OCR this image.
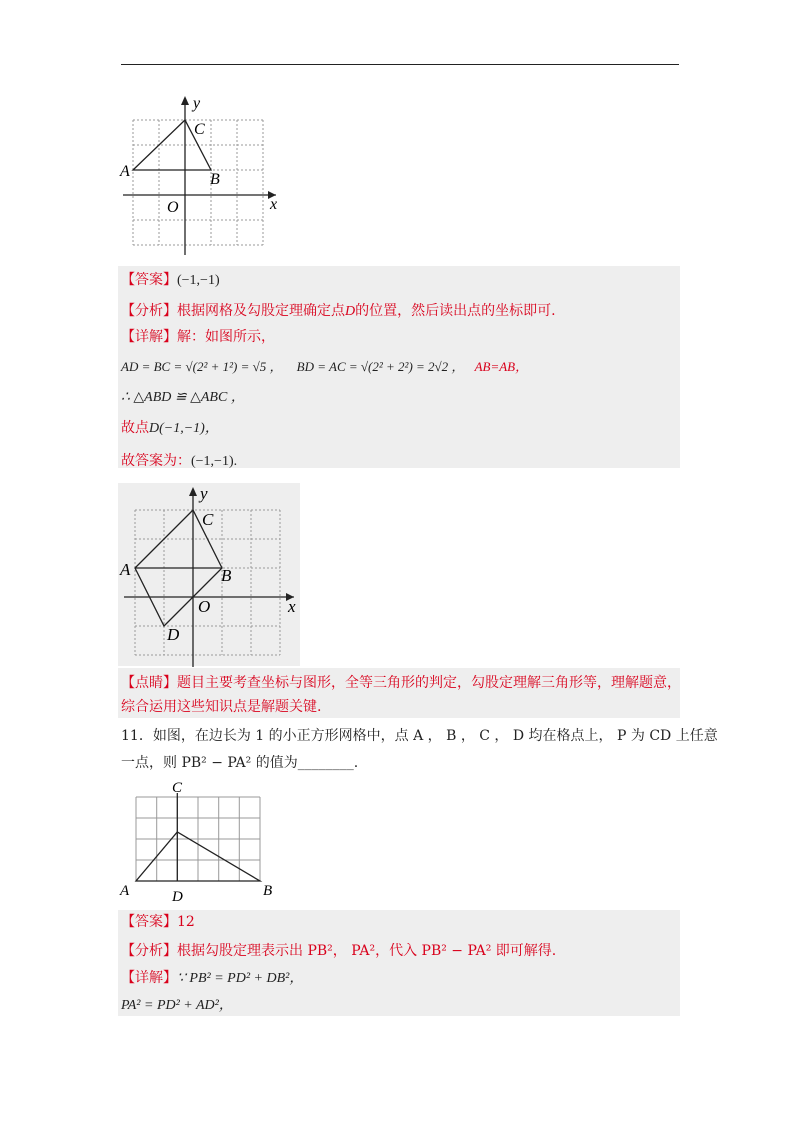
y
x
C
A	B
O
【答案】(−1,−1)
【分析】根据网格及勾股定理确定点D的位置，然后读出点的坐标即可.
【详解】解：如图所示，
AD = BC = √(2² + 1²) = √5 ， BD = AC = √(2² + 2²) = 2√2 ， AB=AB，
∴ △ABD ≌ △ABC ，
故点D(−1,−1)，
故答案为：(−1,−1).
y
x
C
A	B
O
D
【点睛】题目主要考查坐标与图形，全等三角形的判定，勾股定理解三角形等，理解题意，
综合运用这些知识点是解题关键.
11．如图，在边长为 1 的小正方形网格中，点 A ， B ， C ， D 均在格点上， P 为 CD 上任意
一点，则 PB² − PA² 的值为________.
C
A	D	B
【答案】12
【分析】根据勾股定理表示出 PB²， PA²，代入 PB² − PA² 即可解得.
【详解】∵ PB² = PD² + DB²，
PA² = PD² + AD²，
